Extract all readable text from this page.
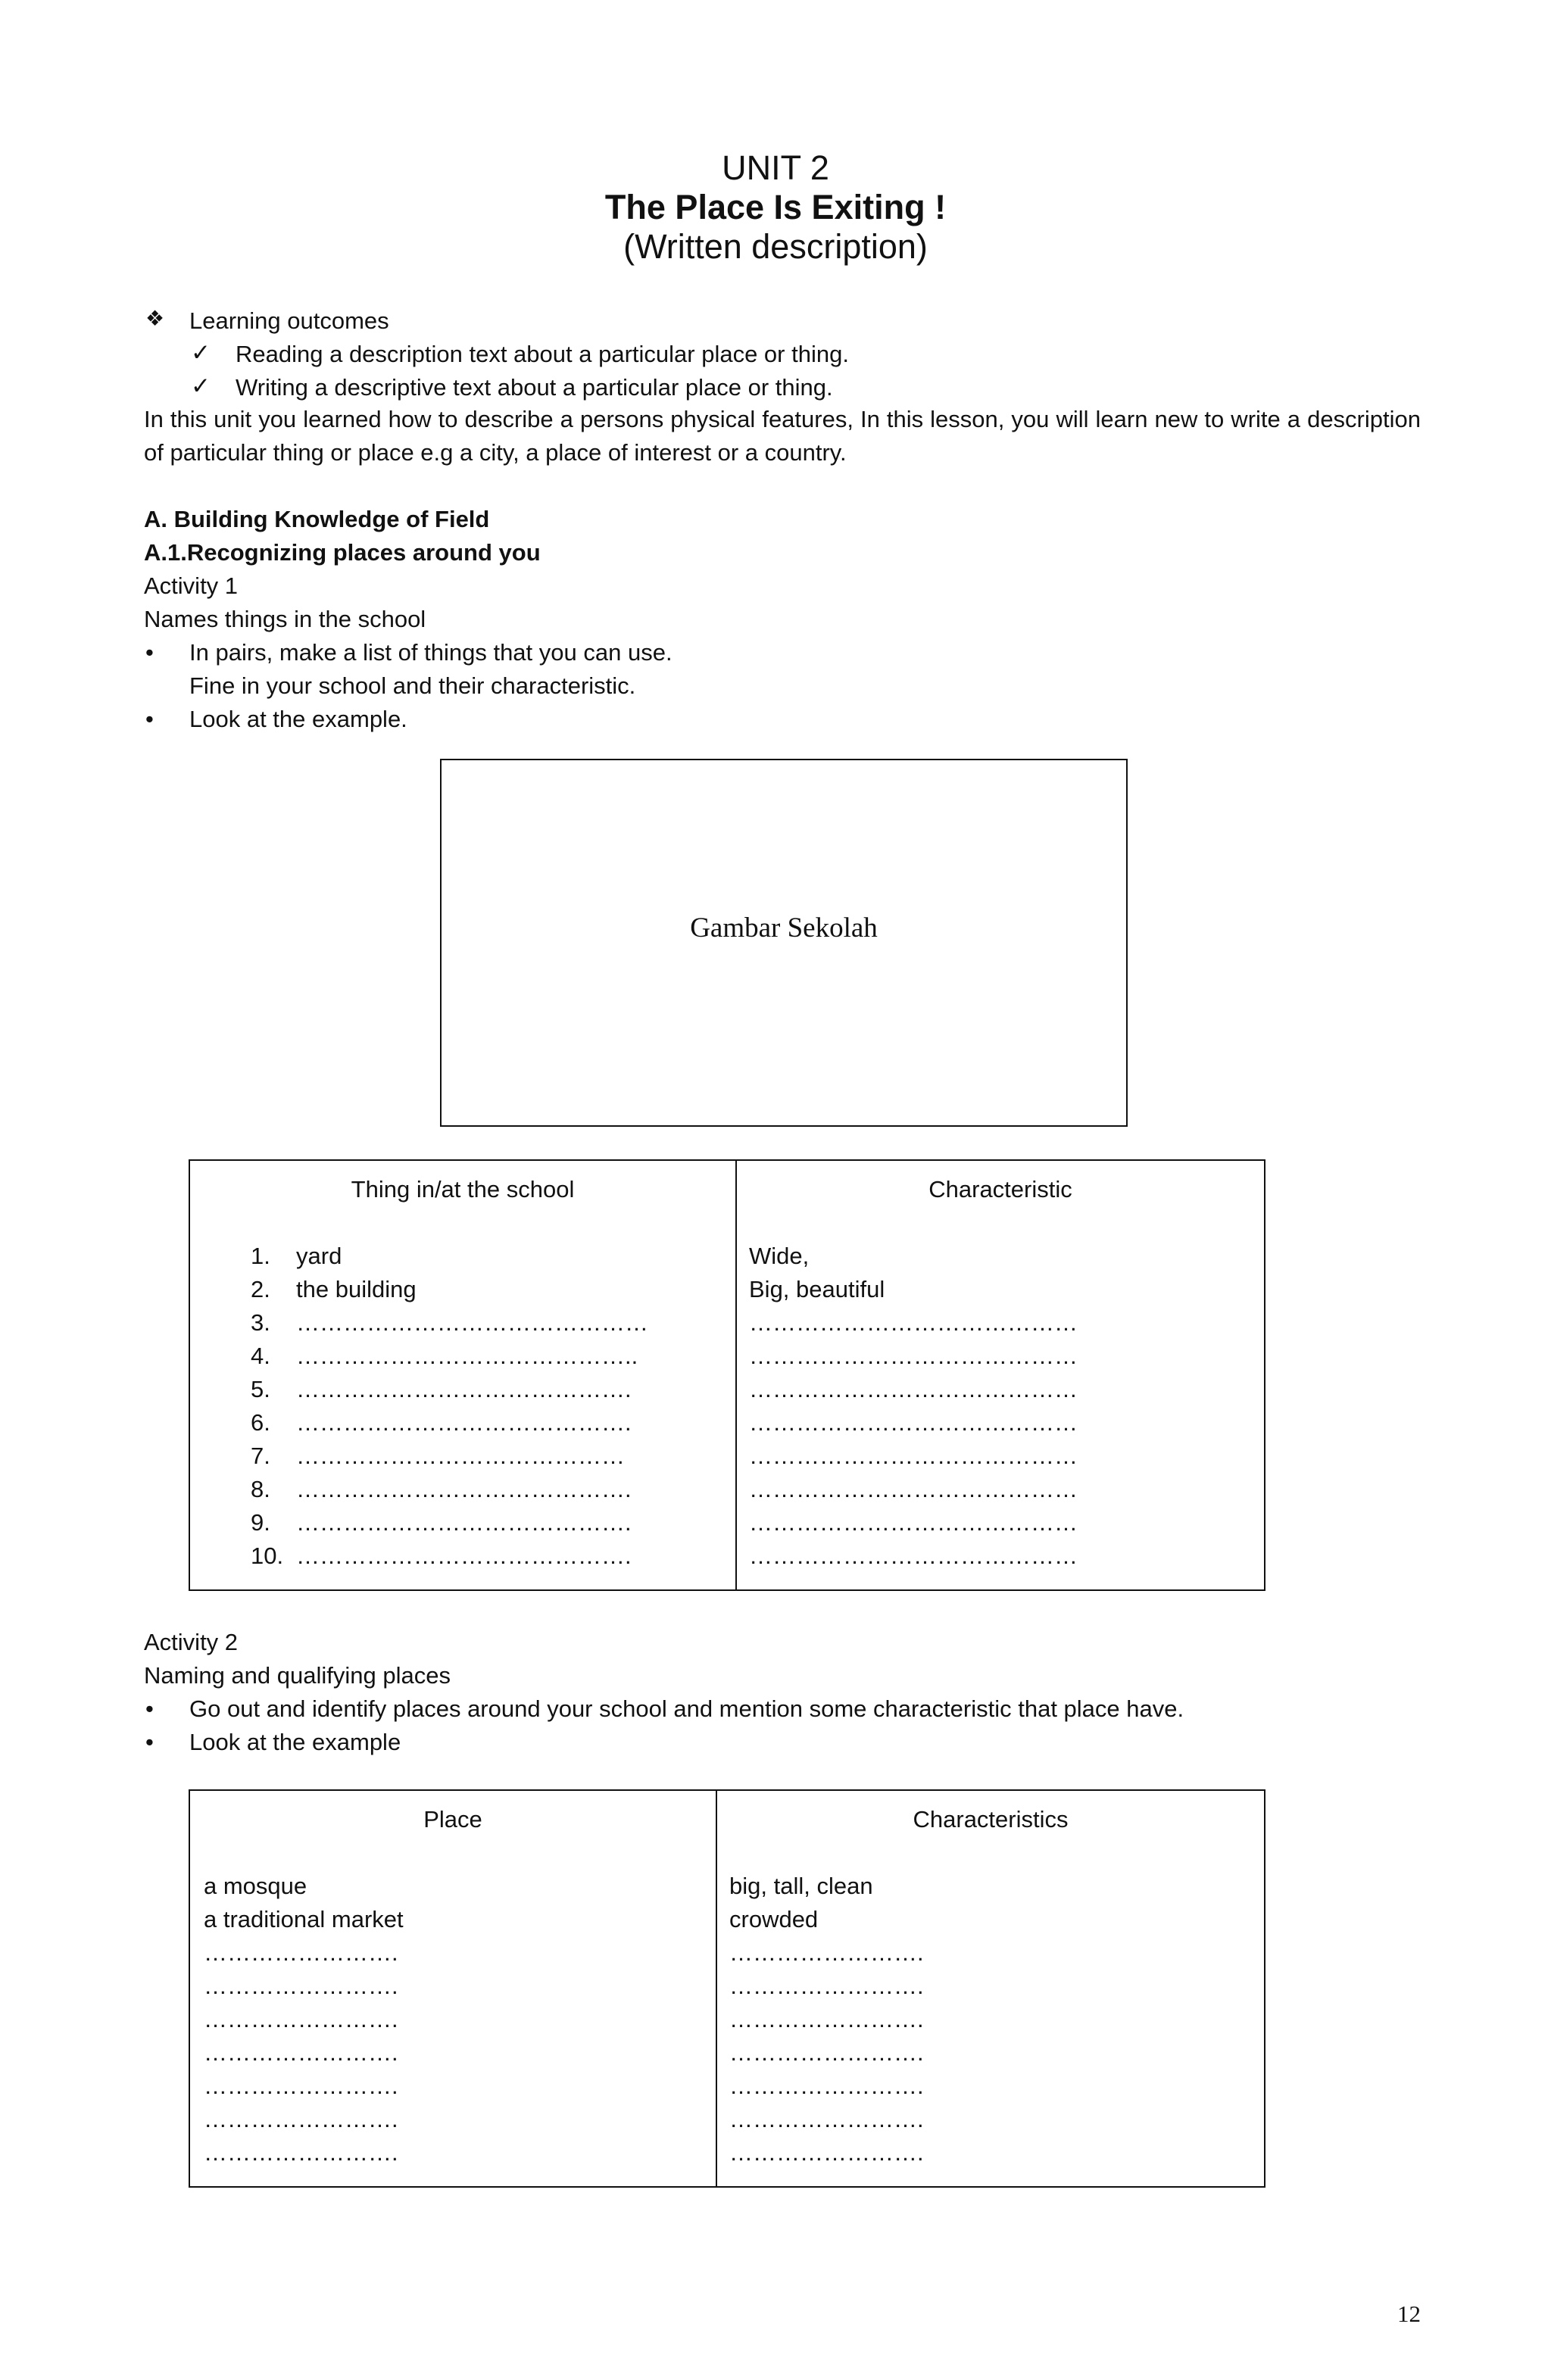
UNIT 2
The Place Is Exiting !
(Written description)
❖ Learning outcomes
✓ Reading a description text about a particular place or thing.
✓ Writing a descriptive text about a particular place or thing.
In this unit you learned how to describe a persons physical features, In this lesson, you will learn new to write a description of particular thing or place e.g a city, a place of interest or a country.
A. Building Knowledge of Field
A.1.Recognizing places around you
Activity 1
Names things in the school
• In pairs, make a list of things that you can use.
Fine in your school and their characteristic.
• Look at the example.
Gambar Sekolah
Thing in/at the school	Characteristic
1. yard	Wide,
2. the building	Big, beautiful
3. ………………………………………	……………………………………
4. ……………………………………..	……………………………………
5. …………………………………….	……………………………………
6. …………………………………….	……………………………………
7. ……………………………………	……………………………………
8. …………………………………….	……………………………………
9. …………………………………….	……………………………………
10. …………………………………….	……………………………………
Activity 2
Naming and qualifying places
• Go out and identify places around your school and mention some characteristic that place have.
• Look at the example
Place	Characteristics
a mosque	big, tall, clean
a traditional market	crowded
…………………….	…………………….
…………………….	…………………….
…………………….	…………………….
…………………….	…………………….
…………………….	…………………….
…………………….	…………………….
…………………….	…………………….
12
